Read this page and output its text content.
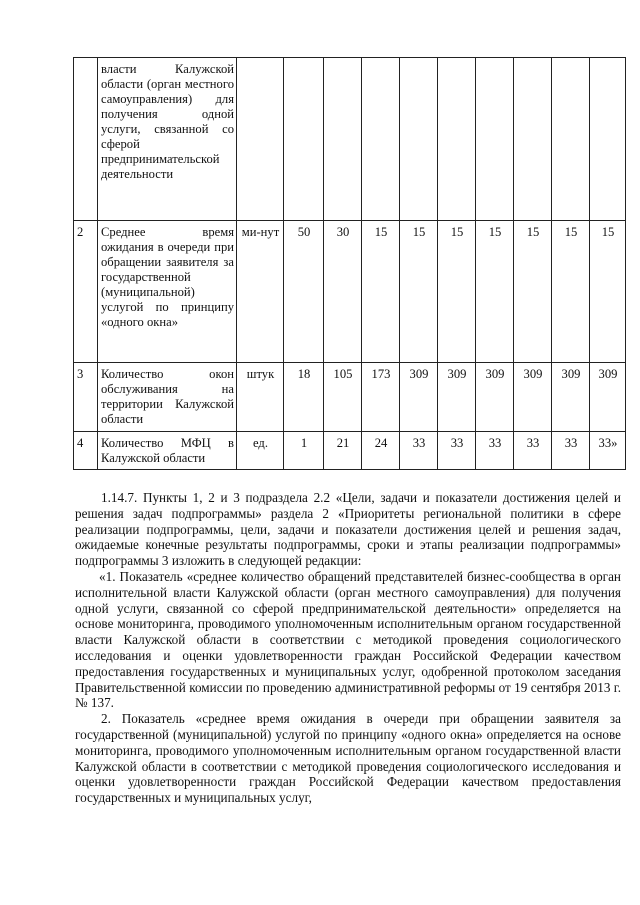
	власти Калужской области (орган местного самоуправления) для получения одной услуги, связанной со сферой предпринимательской деятельности										
2	Среднее время ожидания в очереди при обращении заявителя за государственной (муниципальной) услугой по принципу «одного окна»	ми-нут	50	30	15	15	15	15	15	15	15
3	Количество окон обслуживания на территории Калужской области	штук	18	105	173	309	309	309	309	309	309
4	Количество МФЦ в Калужской области	ед.	1	21	24	33	33	33	33	33	33»

1.14.7. Пункты 1, 2 и 3 подраздела 2.2 «Цели, задачи и показатели достижения целей и решения задач подпрограммы» раздела 2 «Приоритеты региональной политики в сфере реализации подпрограммы, цели, задачи и показатели достижения целей и решения задач, ожидаемые конечные результаты подпрограммы, сроки и этапы реализации подпрограммы» подпрограммы 3 изложить в следующей редакции:

«1. Показатель «среднее количество обращений представителей бизнес-сообщества в орган исполнительной власти Калужской области (орган местного самоуправления) для получения одной услуги, связанной со сферой предпринимательской деятельности» определяется на основе мониторинга, проводимого уполномоченным исполнительным органом государственной власти Калужской области в соответствии с методикой проведения социологического исследования и оценки удовлетворенности граждан Российской Федерации качеством предоставления государственных и муниципальных услуг, одобренной протоколом заседания Правительственной комиссии по проведению административной реформы от 19 сентября 2013 г. № 137.

2. Показатель «среднее время ожидания в очереди при обращении заявителя за государственной (муниципальной) услугой по принципу «одного окна» определяется на основе мониторинга, проводимого уполномоченным исполнительным органом государственной власти Калужской области в соответствии с методикой проведения социологического исследования и оценки удовлетворенности граждан Российской Федерации качеством предоставления государственных и муниципальных услуг,
